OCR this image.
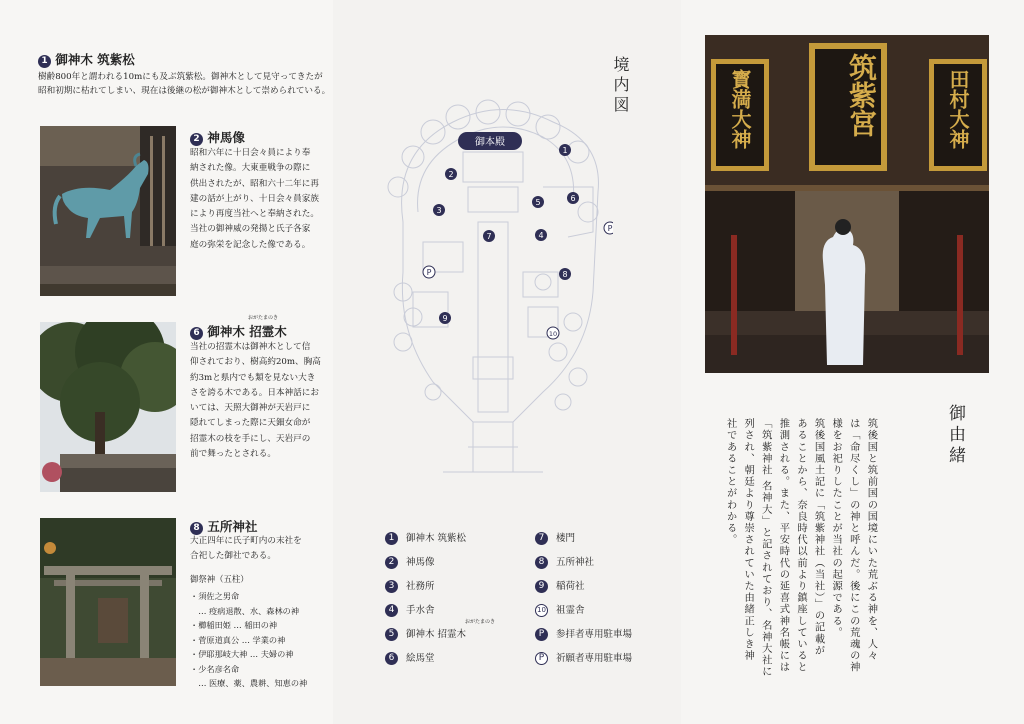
1 御神木 筑紫松
樹齢800年と謂われる10mにも及ぶ筑紫松。御神木として見守ってきたが
昭和初期に枯れてしまい、現在は後継の松が御神木として崇められている。
2 神馬像
昭和六年に十日会々員により奉
納された像。大東亜戦争の際に
供出されたが、昭和六十二年に再
建の話が上がり、十日会々員家族
により再度当社へと奉納された。
当社の御神威の発揚と氏子各家
庭の弥栄を記念した像である。
6 御神木 招霊木
おがたまのき
当社の招霊木は御神木として信
仰されており、樹高約20m、胸高
約3mと県内でも類を見ない大き
さを誇る木である。日本神話にお
いては、天照大御神が天岩戸に
隠れてしまった際に天鈿女命が
招霊木の枝を手にし、天岩戸の
前で舞ったとされる。
8 五所神社
大正四年に氏子町内の末社を
合祀した御社である。
御祭神（五柱）
・須佐之男命
　… 疫病退散、水、森林の神
・櫛稲田姫 … 稲田の神
・菅原道真公 … 学業の神
・伊耶那岐大神 … 夫婦の神
・少名彦名命
　… 医療、薬、農耕、知恵の神
境内図
御本殿
1
2
3
4
5	6
7
8
9
10
P
P
1 御神木 筑紫松
2 神馬像
3 社務所
4 手水舎
5 御神木 招霊木
おがたまのき
6 絵馬堂
7 楼門
8 五所神社
9 稲荷社
10 祖霊舎
P 参拝者専用駐車場
P 祈願者専用駐車場
筑紫宮	田村大神
寳満大神
御由緒
筑後国と筑前国の国境にいた荒ぶる神を、人々
は「命尽くし」の神と呼んだ。後にこの荒魂の神
様をお祀りしたことが当社の起源である。
筑後国風土記に「筑紫神社（当社）」の記載が
あることから、奈良時代以前より鎮座していると
推測される。また、平安時代の延喜式神名帳には
「筑紫神社 名神大」と記されており、名神大社に
列され、朝廷より尊崇されていた由緒正しき神
社であることがわかる。
